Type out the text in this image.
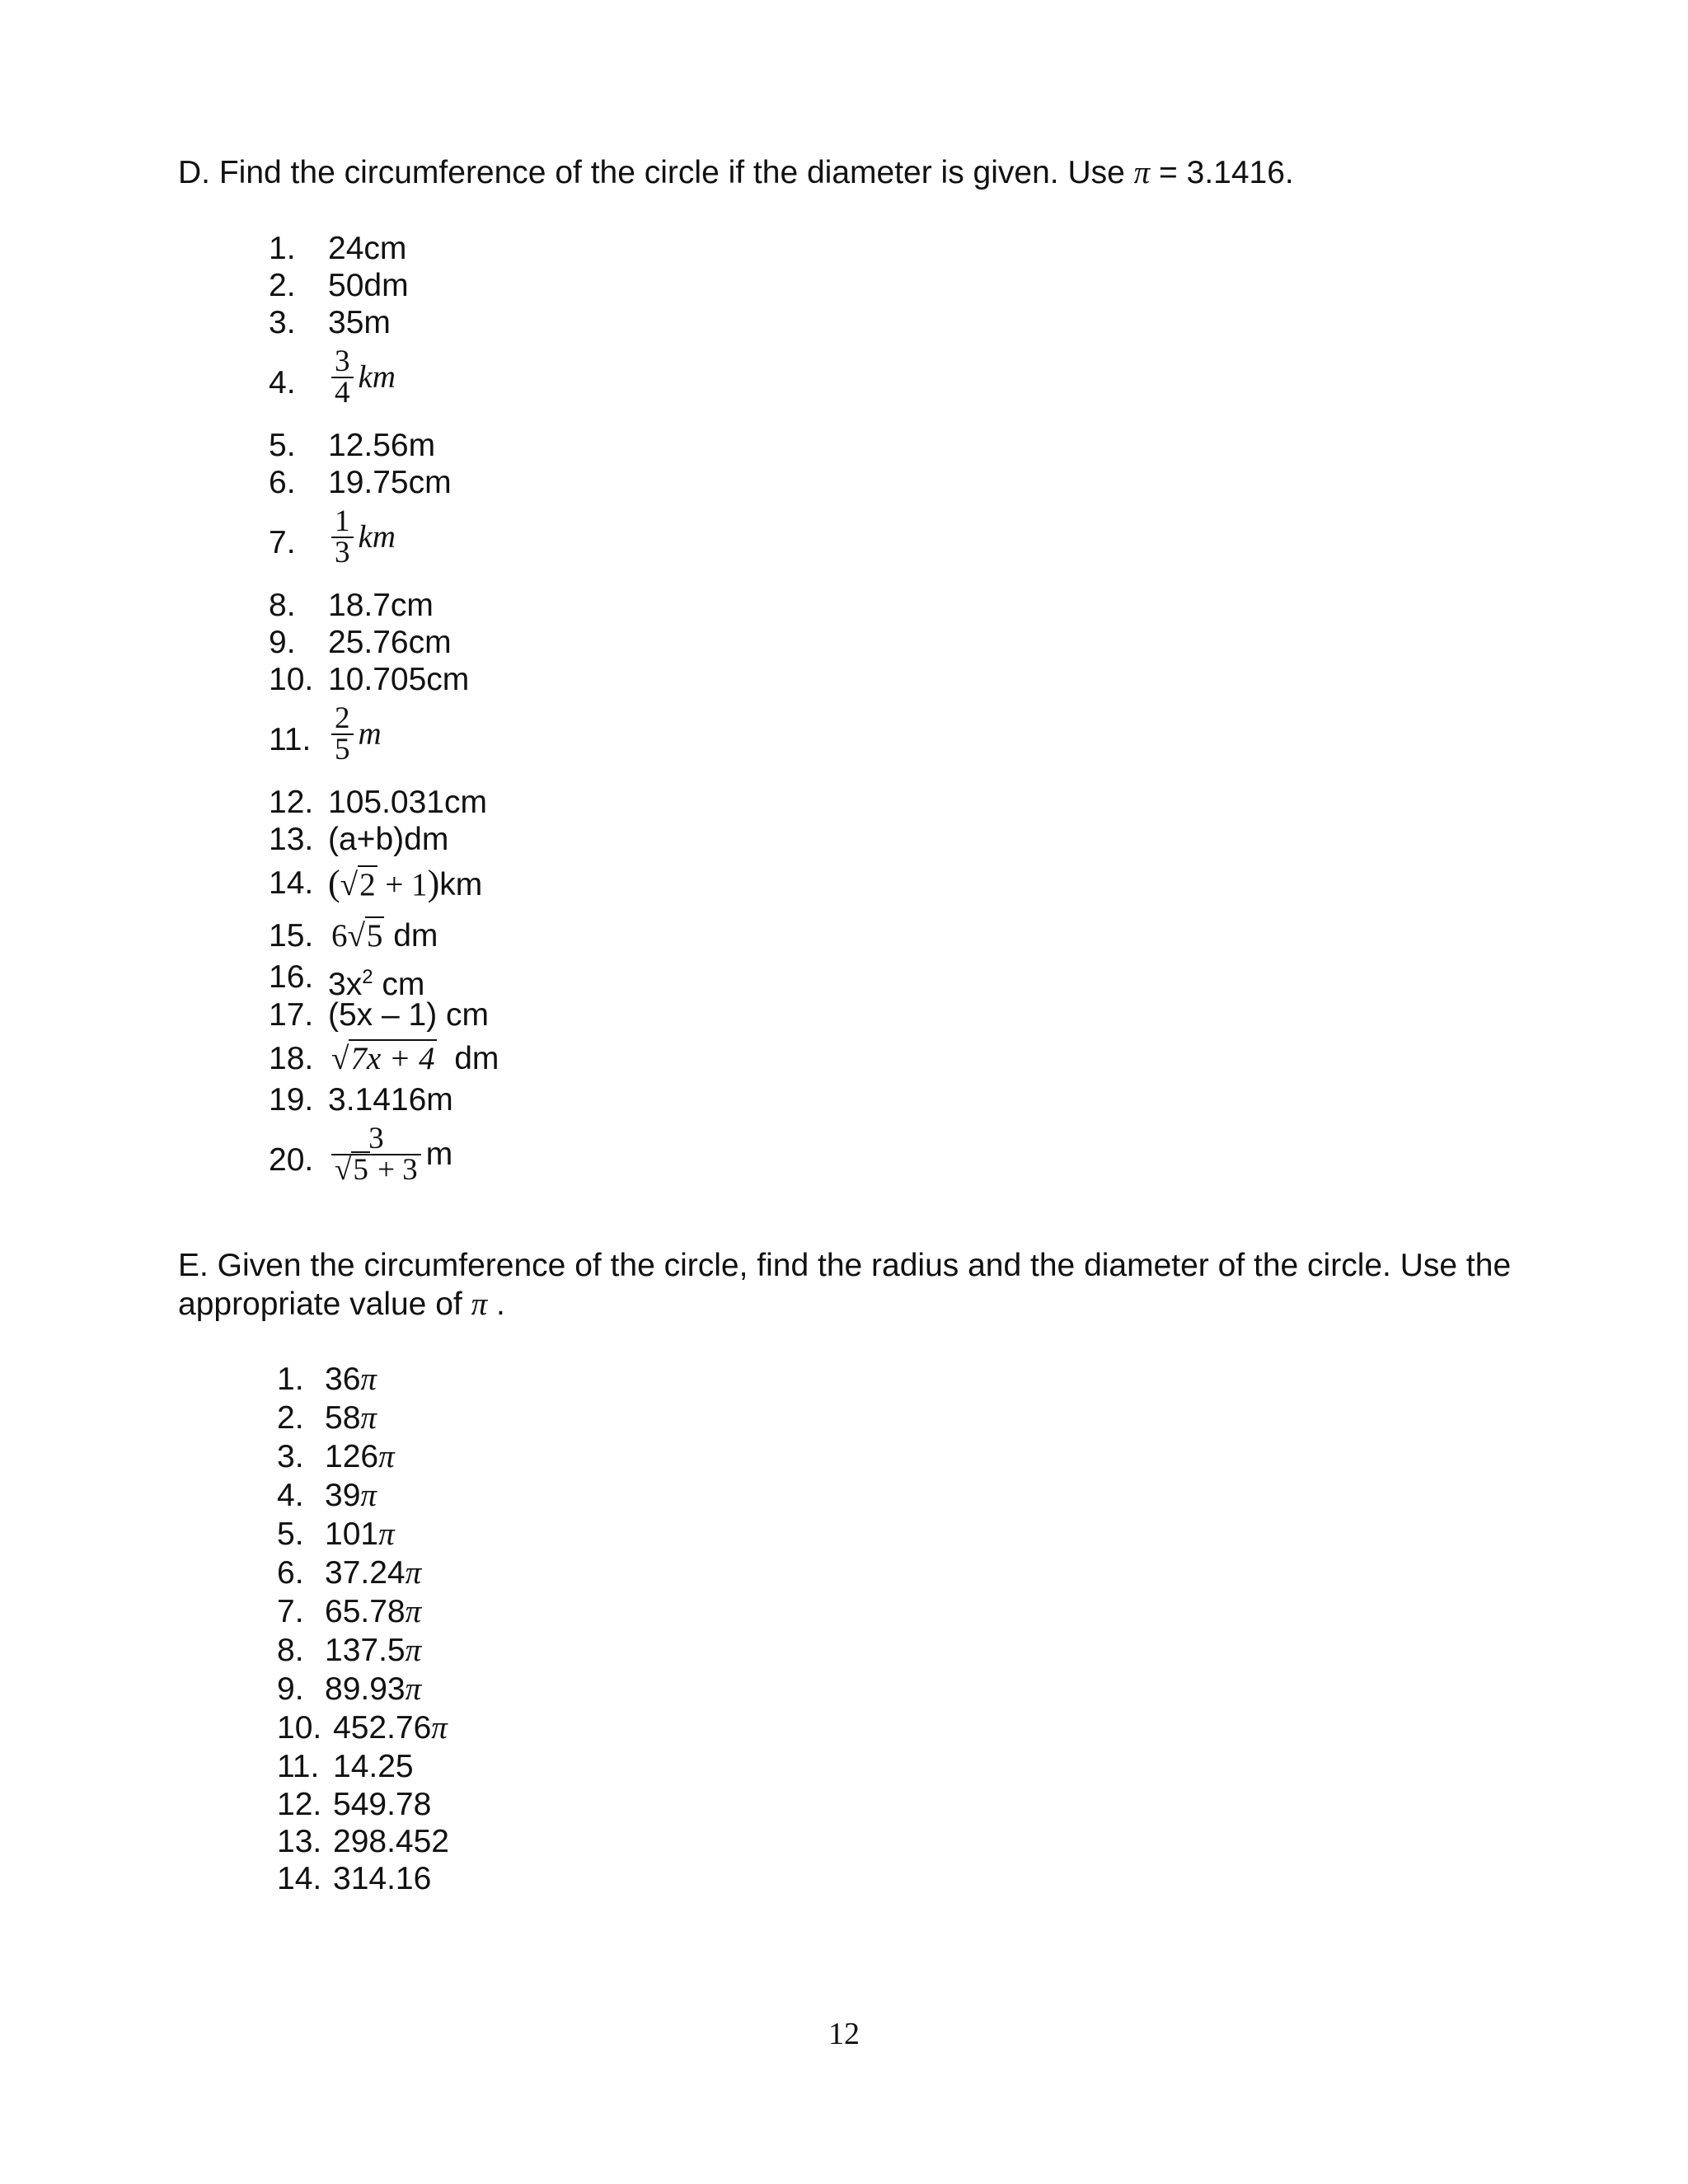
D. Find the circumference of the circle if the diameter is given. Use π = 3.1416.
1. 24cm
2. 50dm
3. 35m
4. $\frac{3}{4}$ km
5. 12.56m
6. 19.75cm
7. $\frac{1}{3}$ km
8. 18.7cm
9. 25.76cm
10. 10.705cm
11. $\frac{2}{5}$ m
12. 105.031cm
13. (a+b)dm
14. (√2 + 1)km
15. 6√5 dm
16. $3x^2$ cm
17. (5x – 1) cm
18. √7x + 4  dm
19. 3.1416m
20. $\frac{3}{√5 + 3}$ m
E. Given the circumference of the circle, find the radius and the diameter of the circle. Use the appropriate value of π .
1. 36π
2. 58π
3. 126π
4. 39π
5. 101π
6. 37.24π
7. 65.78π
8. 137.5π
9. 89.93π
10. 452.76π
11. 14.25
12. 549.78
13. 298.452
14. 314.16
12
